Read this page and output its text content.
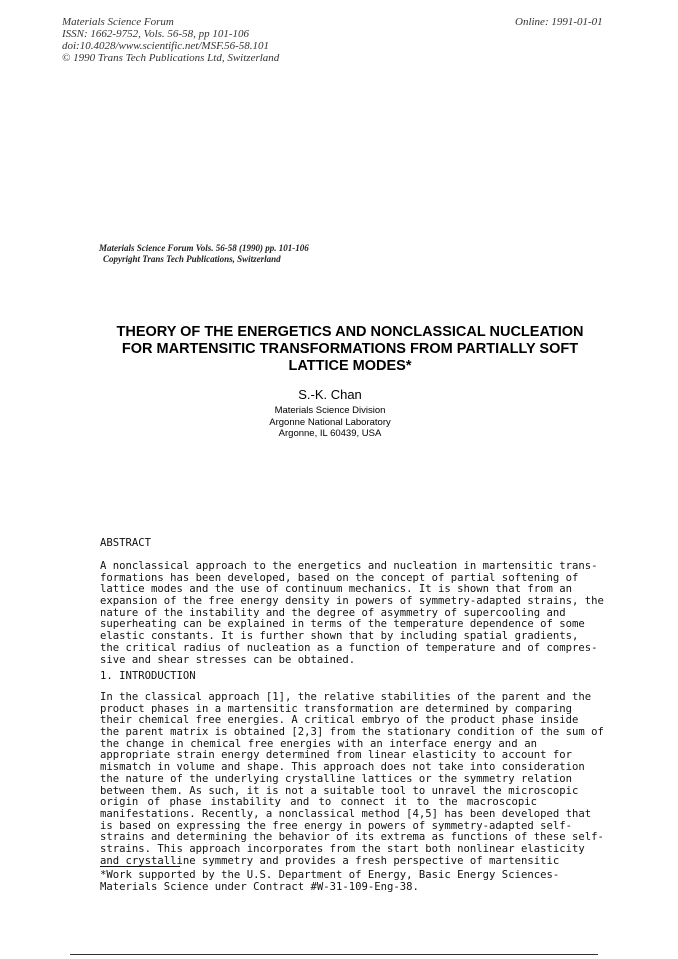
Materials Science Forum
ISSN: 1662-9752, Vols. 56-58, pp 101-106
doi:10.4028/www.scientific.net/MSF.56-58.101
© 1990 Trans Tech Publications Ltd, Switzerland
Online: 1991-01-01
Materials Science Forum Vols. 56-58 (1990) pp. 101-106
Copyright Trans Tech Publications, Switzerland
THEORY OF THE ENERGETICS AND NONCLASSICAL NUCLEATION
FOR MARTENSITIC TRANSFORMATIONS FROM PARTIALLY SOFT
LATTICE MODES*
S.-K. Chan
Materials Science Division
Argonne National Laboratory
Argonne, IL 60439, USA
ABSTRACT
A nonclassical approach to the energetics and nucleation in martensitic trans-
formations has been developed, based on the concept of partial softening of
lattice modes and the use of continuum mechanics. It is shown that from an
expansion of the free energy density in powers of symmetry-adapted strains, the
nature of the instability and the degree of asymmetry of supercooling and
superheating can be explained in terms of the temperature dependence of some
elastic constants. It is further shown that by including spatial gradients,
the critical radius of nucleation as a function of temperature and of compres-
sive and shear stresses can be obtained.
1. INTRODUCTION
In the classical approach [1], the relative stabilities of the parent and the
product phases in a martensitic transformation are determined by comparing
their chemical free energies. A critical embryo of the product phase inside
the parent matrix is obtained [2,3] from the stationary condition of the sum of
the change in chemical free energies with an interface energy and an
appropriate strain energy determined from linear elasticity to account for
mismatch in volume and shape. This approach does not take into consideration
the nature of the underlying crystalline lattices or the symmetry relation
between them. As such, it is not a suitable tool to unravel the microscopic
origin of phase instability and to connect it to the macroscopic
manifestations. Recently, a nonclassical method [4,5] has been developed that
is based on expressing the free energy in powers of symmetry-adapted self-
strains and determining the behavior of its extrema as functions of these self-
strains. This approach incorporates from the start both nonlinear elasticity
and crystalline symmetry and provides a fresh perspective of martensitic
*Work supported by the U.S. Department of Energy, Basic Energy Sciences-
Materials Science under Contract #W-31-109-Eng-38.
